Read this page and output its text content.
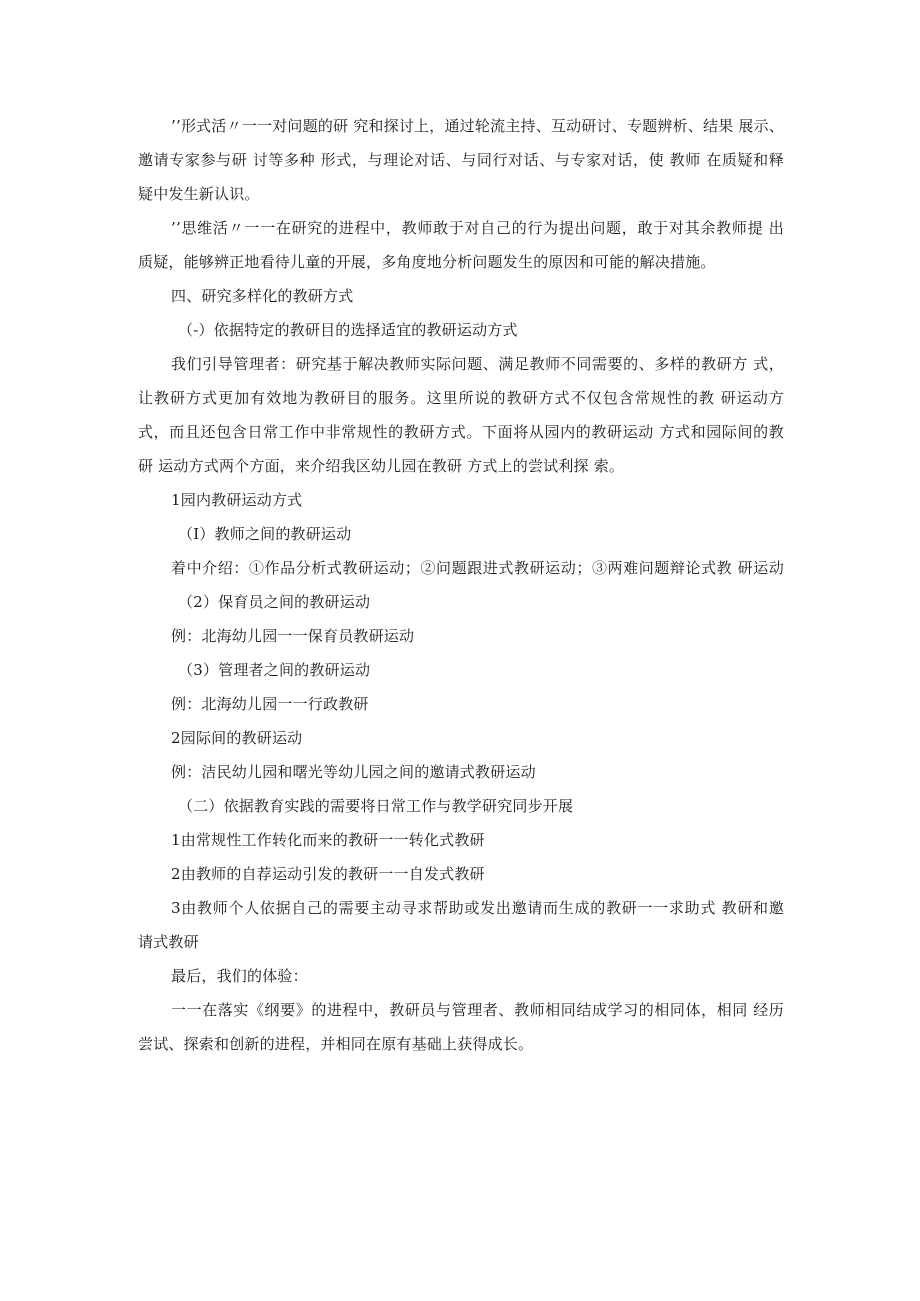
’’形式活〃一一对问题的研 究和探讨上，通过轮流主持、互动研讨、专题辨析、结果 展示、
邀请专家参与研 讨等多种 形式，与理论对话、与同行对话、与专家对话，使 教师 在质疑和释
疑中发生新认识。
’’思维活〃一一在研究的进程中，教师敢于对自己的行为提出问题，敢于对其余教师提 出
质疑，能够辨正地看待儿童的开展，多角度地分析问题发生的原因和可能的解决措施。
四、研究多样化的教研方式
（-）依据特定的教研目的选择适宜的教研运动方式
我们引导管理者：研究基于解决教师实际问题、满足教师不同需要的、多样的教研方 式，
让教研方式更加有效地为教研目的服务。这里所说的教研方式不仅包含常规性的教 研运动方
式，而且还包含日常工作中非常规性的教研方式。下面将从园内的教研运动 方式和园际间的教
研 运动方式两个方面，来介绍我区幼儿园在教研 方式上的尝试利探 索。
1园内教研运动方式
（I）教师之间的教研运动
着中介绍：①作品分析式教研运动；②问题跟进式教研运动；③两难问题辩论式教 研运动
（2）保育员之间的教研运动
例：北海幼儿园一一保育员教研运动
（3）管理者之间的教研运动
例：北海幼儿园一一行政教研
2园际间的教研运动
例：洁民幼儿园和曙光等幼儿园之间的邀请式教研运动
（二）依据教育实践的需要将日常工作与教学研究同步开展
1由常规性工作转化而来的教研一一转化式教研
2由教师的自荐运动引发的教研一一自发式教研
3由教师个人依据自己的需要主动寻求帮助或发出邀请而生成的教研一一求助式 教研和邀
请式教研
最后，我们的体验：
一一在落实《纲要》的进程中，教研员与管理者、教师相同结成学习的相同体，相同 经历
尝试、探索和创新的进程，并相同在原有基础上获得成长。
